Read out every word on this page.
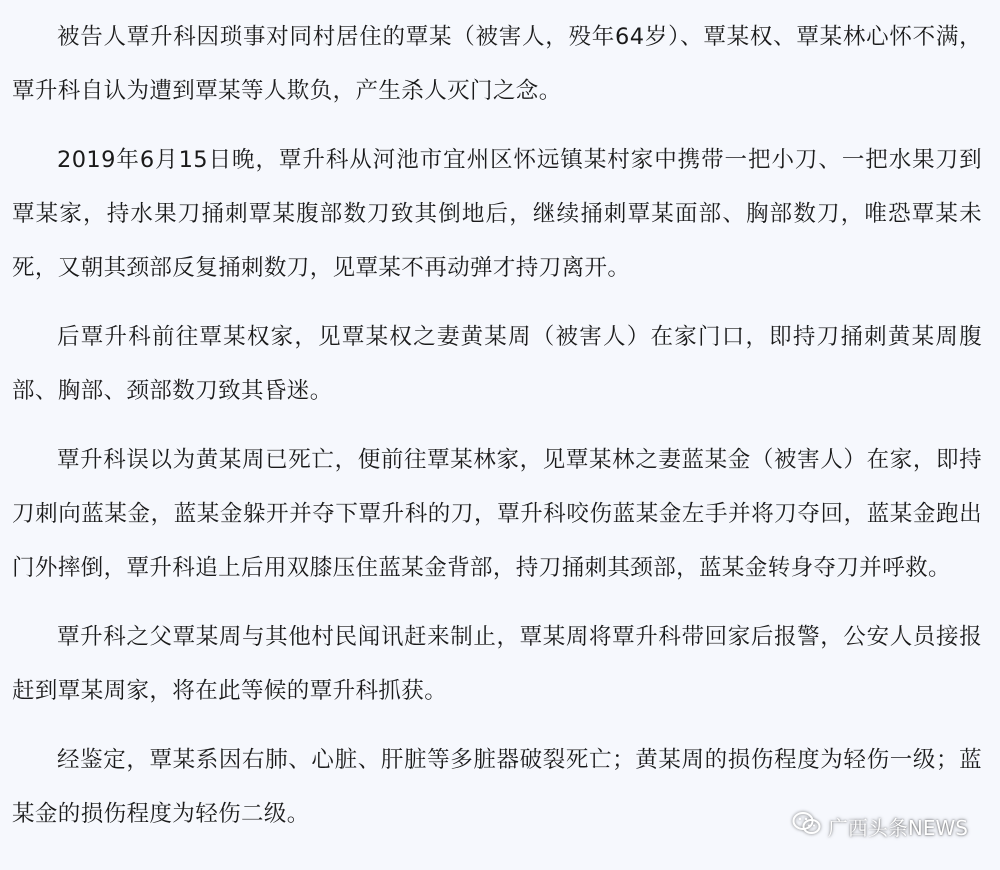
被告人覃升科因琐事对同村居住的覃某（被害人，殁年64岁）、覃某权、覃某林心怀不满，覃升科自认为遭到覃某等人欺负，产生杀人灭门之念。

2019年6月15日晚，覃升科从河池市宜州区怀远镇某村家中携带一把小刀、一把水果刀到覃某家，持水果刀捅刺覃某腹部数刀致其倒地后，继续捅刺覃某面部、胸部数刀，唯恐覃某未死，又朝其颈部反复捅刺数刀，见覃某不再动弹才持刀离开。

后覃升科前往覃某权家，见覃某权之妻黄某周（被害人）在家门口，即持刀捅刺黄某周腹部、胸部、颈部数刀致其昏迷。

覃升科误以为黄某周已死亡，便前往覃某林家，见覃某林之妻蓝某金（被害人）在家，即持刀刺向蓝某金，蓝某金躲开并夺下覃升科的刀，覃升科咬伤蓝某金左手并将刀夺回，蓝某金跑出门外摔倒，覃升科追上后用双膝压住蓝某金背部，持刀捅刺其颈部，蓝某金转身夺刀并呼救。

覃升科之父覃某周与其他村民闻讯赶来制止，覃某周将覃升科带回家后报警，公安人员接报赶到覃某周家，将在此等候的覃升科抓获。

经鉴定，覃某系因右肺、心脏、肝脏等多脏器破裂死亡；黄某周的损伤程度为轻伤一级；蓝某金的损伤程度为轻伤二级。

广西头条NEWS
